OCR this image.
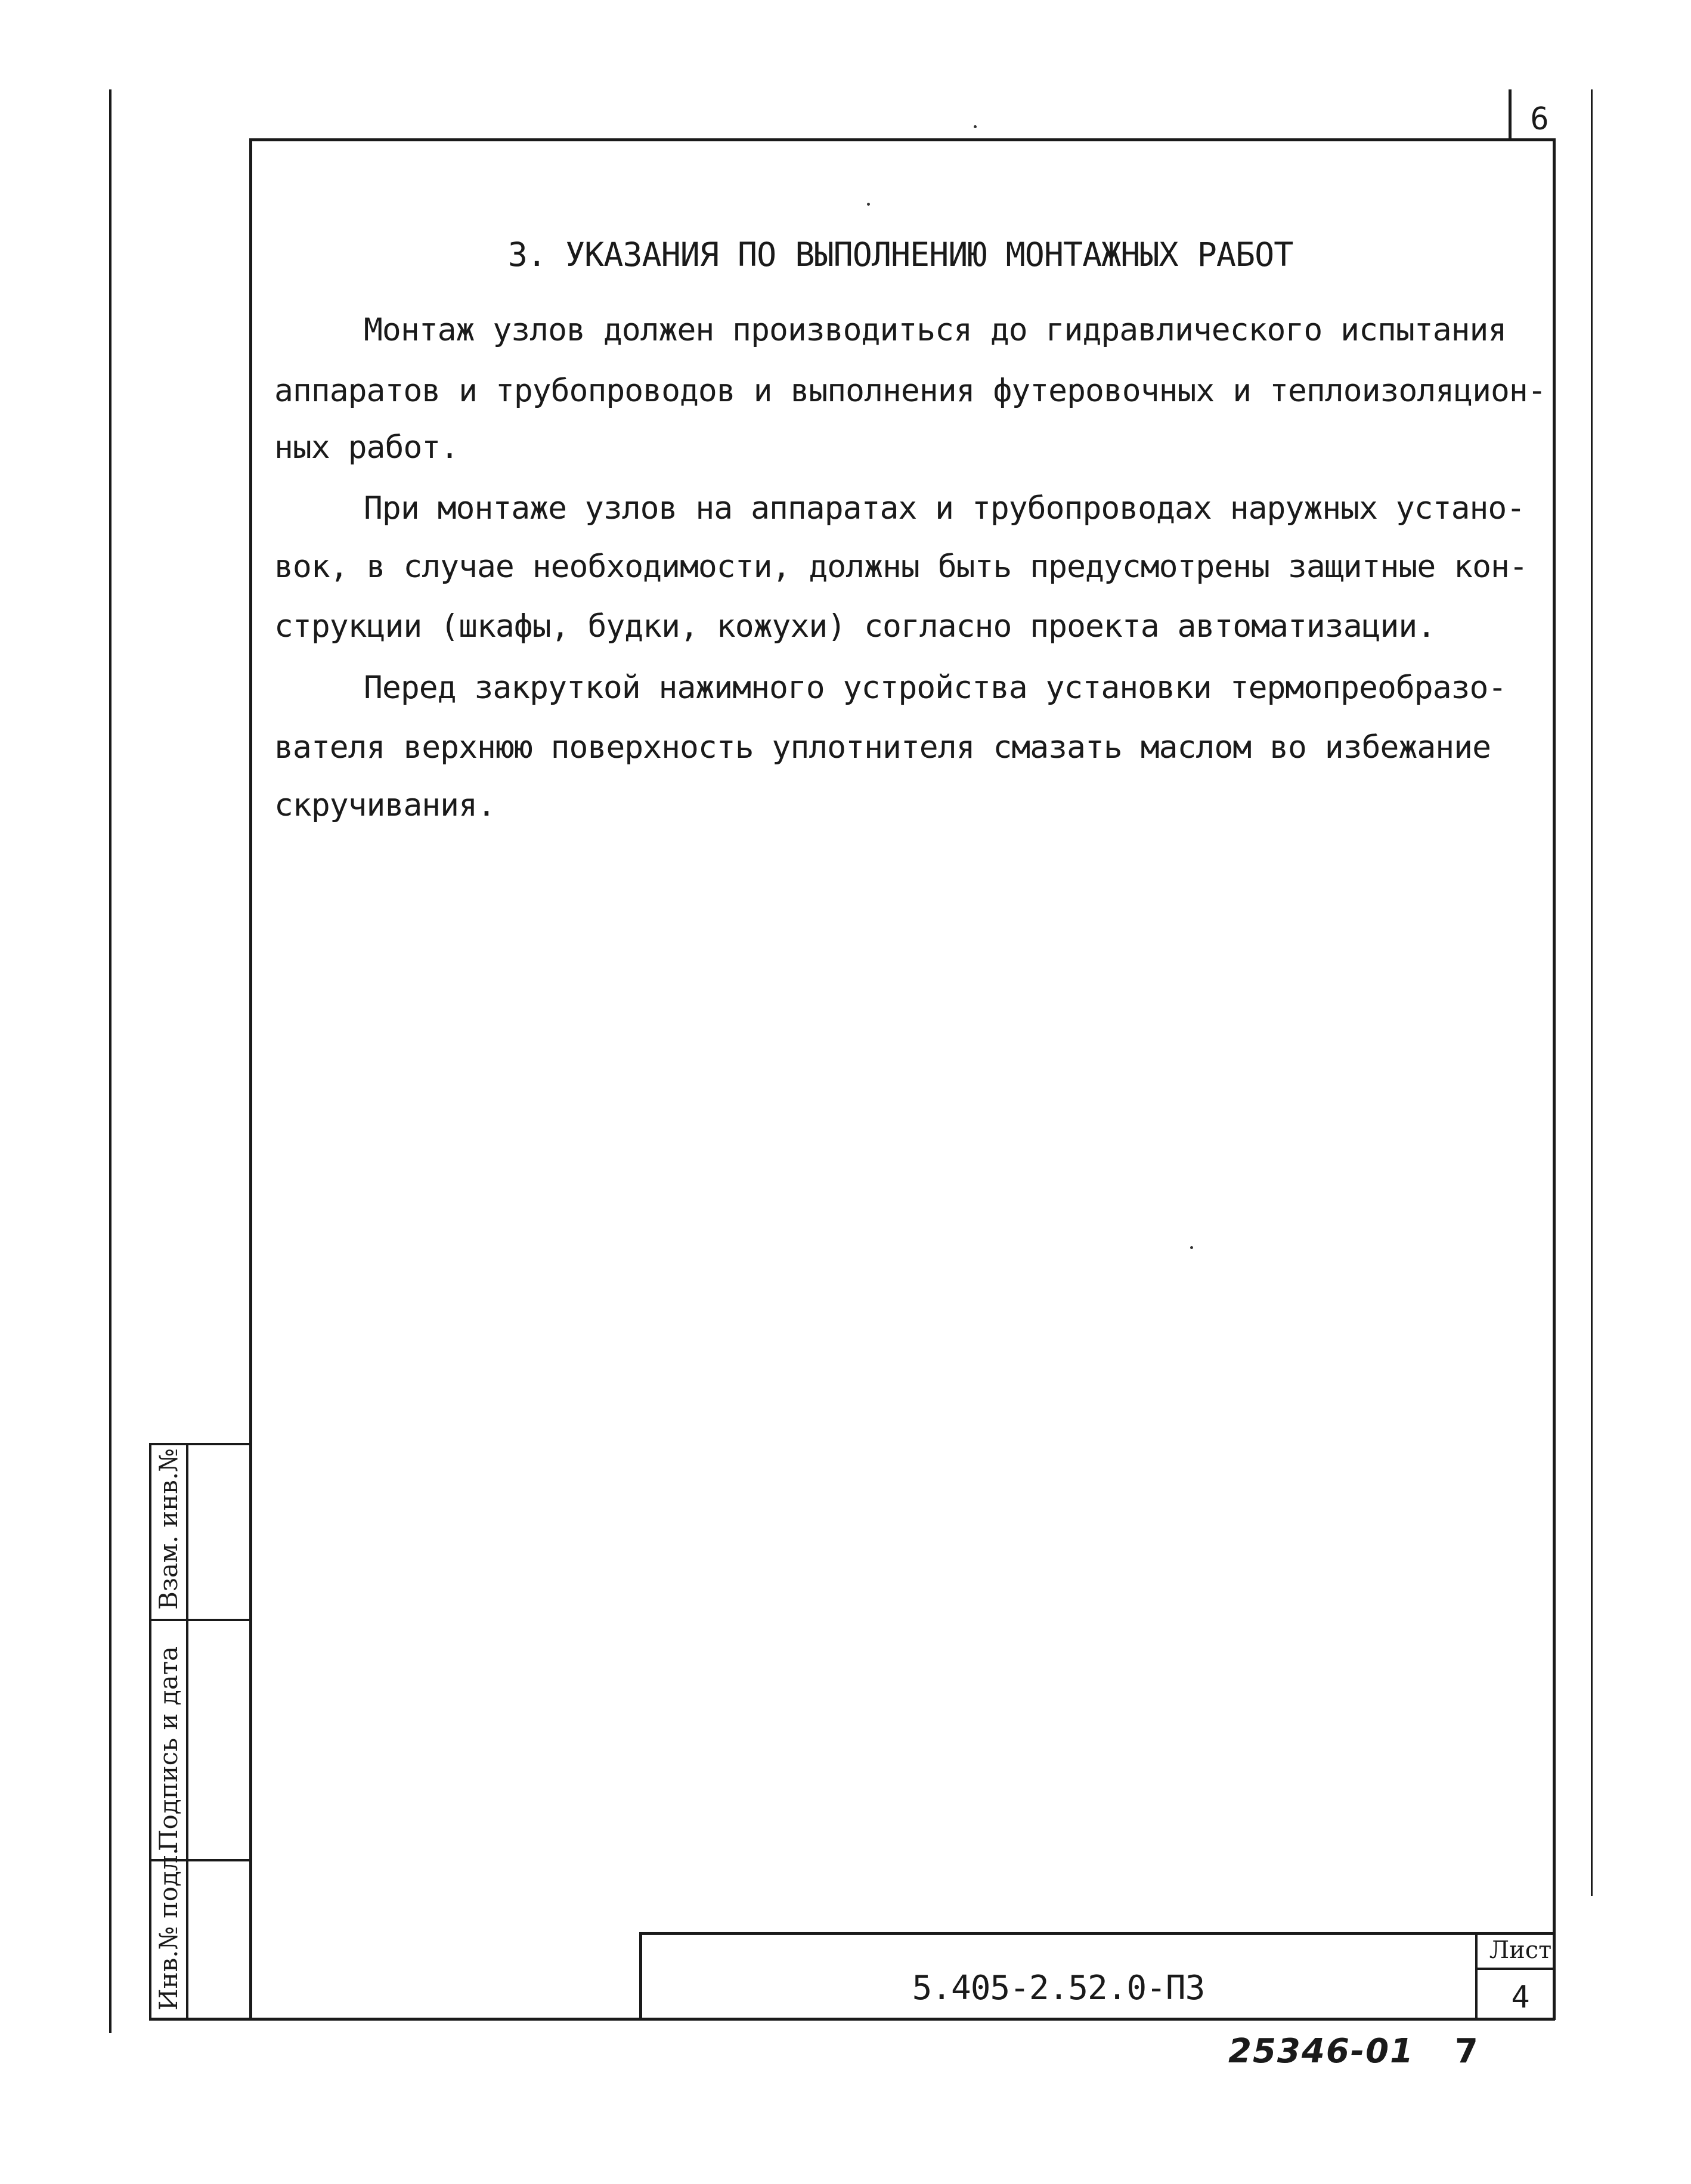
6
3. УКАЗАНИЯ ПО ВЫПОЛНЕНИЮ МОНТАЖНЫХ РАБОТ
Монтаж узлов должен производиться до гидравлического испытания
аппаратов и трубопроводов и выполнения футеровочных и теплоизоляцион-
ных работ.
При монтаже узлов на аппаратах и трубопроводах наружных устано-
вок, в случае необходимости, должны быть предусмотрены защитные кон-
струкции (шкафы, будки, кожухи) согласно проекта автоматизации.
Перед закруткой нажимного устройства установки термопреобразо-
вателя верхнюю поверхность уплотнителя смазать маслом во избежание
скручивания.
Взам. инв.№
Подпись и дата
Инв.№ подл.	5.405-2.52.0-ПЗ
Лист
4
25346-01 7
